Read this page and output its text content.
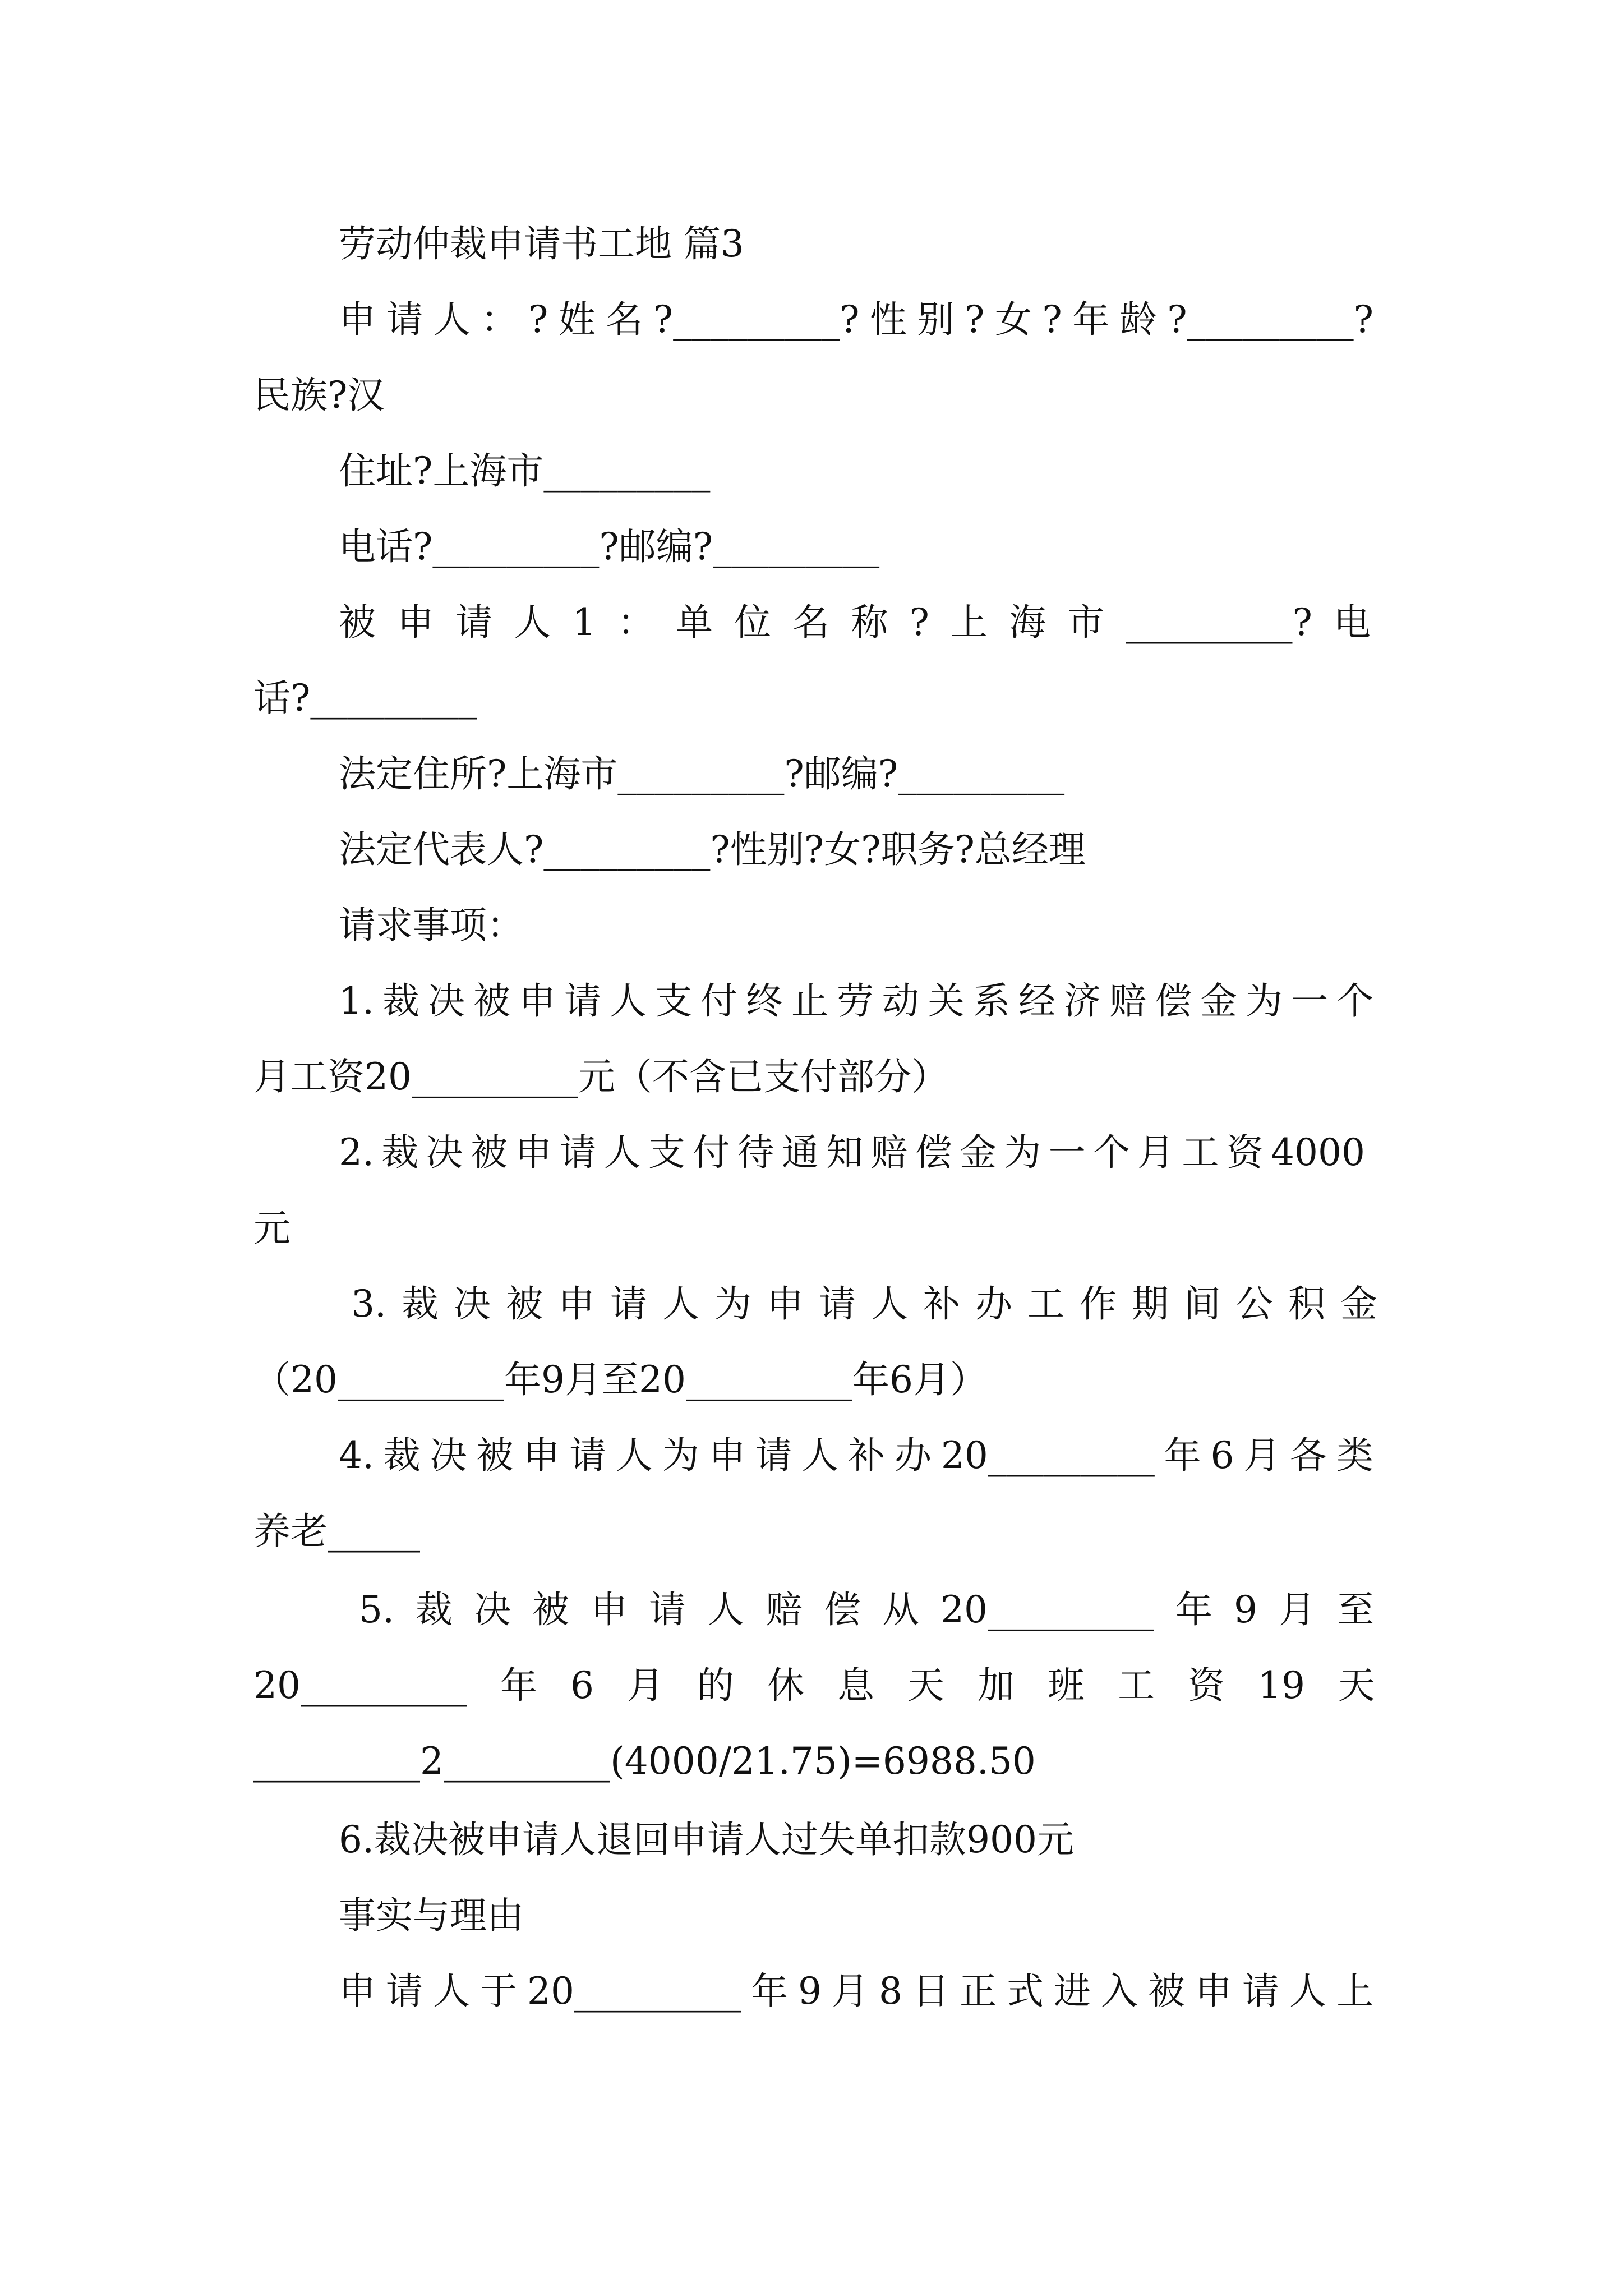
劳动仲裁申请书工地 篇3
申请人：?姓名?_________?性别?女?年龄?_________?
民族?汉
住址?上海市_________
电话?_________?邮编?_________
被申请人1：单位名称?上海市_________?电
话?_________
法定住所?上海市_________?邮编?_________
法定代表人?_________?性别?女?职务?总经理
请求事项：
1.裁决被申请人支付终止劳动关系经济赔偿金为一个
月工资20_________元（不含已支付部分）
2.裁决被申请人支付待通知赔偿金为一个月工资4000
元
3.裁决被申请人为申请人补办工作期间公积金
（20_________年9月至20_________年6月）
4.裁决被申请人为申请人补办20_________年6月各类
养老_____
5.裁决被申请人赔偿从20_________年9月至
20_________年6月的休息天加班工资19天
_________2_________(4000/21.75)=6988.50
6.裁决被申请人退回申请人过失单扣款900元
事实与理由
申请人于20_________年9月8日正式进入被申请人上
